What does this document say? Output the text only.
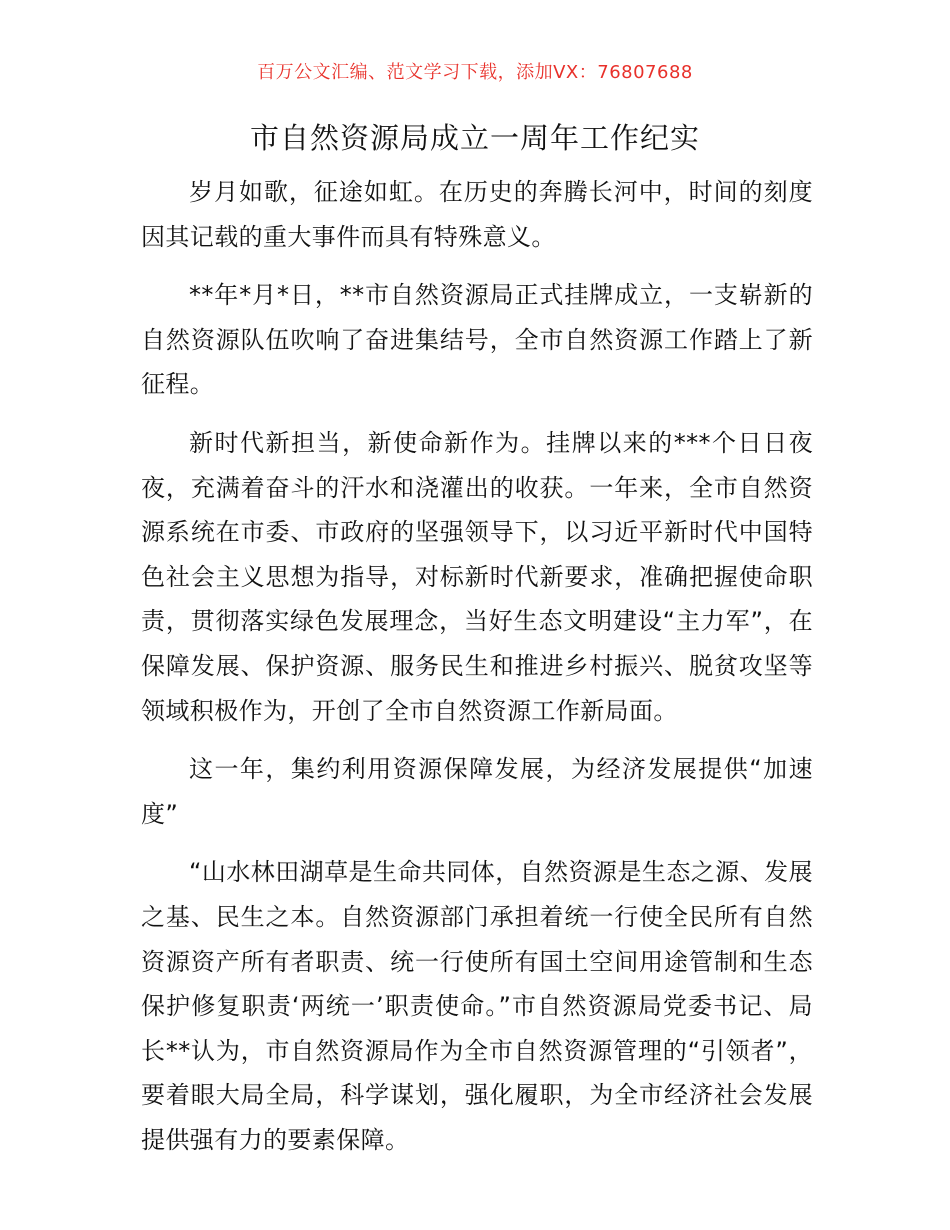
百万公文汇编、范文学习下载，添加VX：76807688
市自然资源局成立一周年工作纪实

岁月如歌，征途如虹。在历史的奔腾长河中，时间的刻度因其记载的重大事件而具有特殊意义。

**年*月*日，**市自然资源局正式挂牌成立，一支崭新的自然资源队伍吹响了奋进集结号，全市自然资源工作踏上了新征程。

新时代新担当，新使命新作为。挂牌以来的***个日日夜夜，充满着奋斗的汗水和浇灌出的收获。一年来，全市自然资源系统在市委、市政府的坚强领导下，以习近平新时代中国特色社会主义思想为指导，对标新时代新要求，准确把握使命职责，贯彻落实绿色发展理念，当好生态文明建设“主力军”，在保障发展、保护资源、服务民生和推进乡村振兴、脱贫攻坚等领域积极作为，开创了全市自然资源工作新局面。

这一年，集约利用资源保障发展，为经济发展提供“加速度”

“山水林田湖草是生命共同体，自然资源是生态之源、发展之基、民生之本。自然资源部门承担着统一行使全民所有自然资源资产所有者职责、统一行使所有国土空间用途管制和生态保护修复职责‘两统一’职责使命。”市自然资源局党委书记、局长**认为，市自然资源局作为全市自然资源管理的“引领者”，要着眼大局全局，科学谋划，强化履职，为全市经济社会发展提供强有力的要素保障。
